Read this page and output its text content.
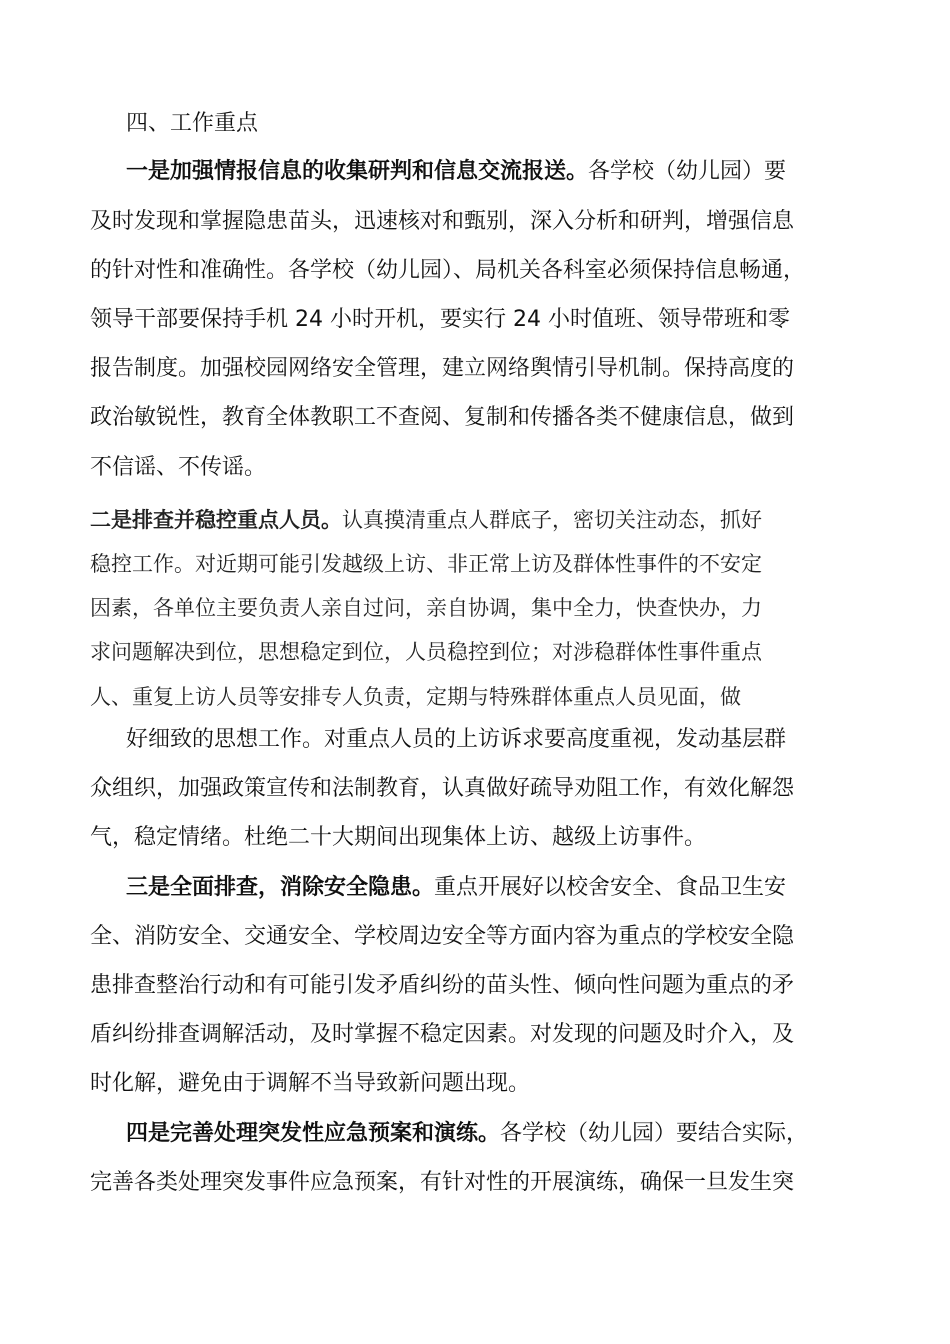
四、工作重点
一是加强情报信息的收集研判和信息交流报送。各学校（幼儿园）要
及时发现和掌握隐患苗头，迅速核对和甄别，深入分析和研判，增强信息
的针对性和准确性。各学校（幼儿园）、局机关各科室必须保持信息畅通，
领导干部要保持手机 24 小时开机，要实行 24 小时值班、领导带班和零
报告制度。加强校园网络安全管理，建立网络舆情引导机制。保持高度的
政治敏锐性，教育全体教职工不查阅、复制和传播各类不健康信息，做到
不信谣、不传谣。
二是排查并稳控重点人员。认真摸清重点人群底子，密切关注动态，抓好
稳控工作。对近期可能引发越级上访、非正常上访及群体性事件的不安定
因素，各单位主要负责人亲自过问，亲自协调，集中全力，快查快办，力
求问题解决到位，思想稳定到位，人员稳控到位；对涉稳群体性事件重点
人、重复上访人员等安排专人负责，定期与特殊群体重点人员见面，做
好细致的思想工作。对重点人员的上访诉求要高度重视，发动基层群
众组织，加强政策宣传和法制教育，认真做好疏导劝阻工作，有效化解怨
气，稳定情绪。杜绝二十大期间出现集体上访、越级上访事件。
三是全面排查，消除安全隐患。重点开展好以校舍安全、食品卫生安
全、消防安全、交通安全、学校周边安全等方面内容为重点的学校安全隐
患排查整治行动和有可能引发矛盾纠纷的苗头性、倾向性问题为重点的矛
盾纠纷排查调解活动，及时掌握不稳定因素。对发现的问题及时介入，及
时化解，避免由于调解不当导致新问题出现。
四是完善处理突发性应急预案和演练。各学校（幼儿园）要结合实际，
完善各类处理突发事件应急预案，有针对性的开展演练，确保一旦发生突
